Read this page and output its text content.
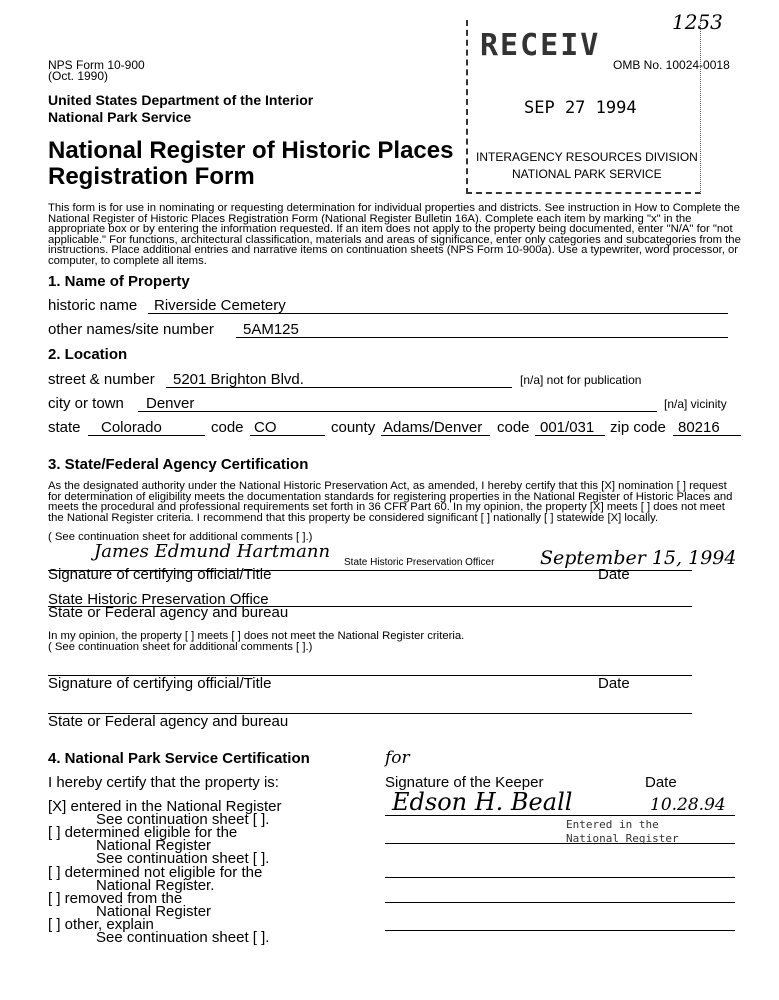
1253
NPS Form 10-900
(Oct. 1990)
OMB No. 10024-0018
United States Department of the Interior
National Park Service
National Register of Historic Places
Registration Form
RECEIV
SEP 27 1994
INTERAGENCY RESOURCES DIVISION
NATIONAL PARK SERVICE
This form is for use in nominating or requesting determination for individual properties and districts. See instruction in How to Complete the National Register of Historic Places Registration Form (National Register Bulletin 16A). Complete each item by marking "x" in the appropriate box or by entering the information requested. If an item does not apply to the property being documented, enter "N/A" for "not applicable." For functions, architectural classification, materials and areas of significance, enter only categories and subcategories from the instructions. Place additional entries and narrative items on continuation sheets (NPS Form 10-900a). Use a typewriter, word processor, or computer, to complete all items.
1. Name of Property
historic name Riverside Cemetery
other names/site number 5AM125
2. Location
street & number 5201 Brighton Blvd.	[n/a] not for publication
city or town Denver	[n/a] vicinity
state Colorado	code CO	county Adams/Denver code 001/031 zip code 80216
3. State/Federal Agency Certification
As the designated authority under the National Historic Preservation Act, as amended, I hereby certify that this [X] nomination [ ] request for determination of eligibility meets the documentation standards for registering properties in the National Register of Historic Places and meets the procedural and professional requirements set forth in 36 CFR Part 60. In my opinion, the property [X] meets [ ] does not meet the National Register criteria. I recommend that this property be considered significant [ ] nationally [ ] statewide [X] locally.
( See continuation sheet for additional comments [ ].)
James Edmund Hartmann
State Historic Preservation Officer September 15, 1994
Signature of certifying official/Title	Date
State Historic Preservation Office
State or Federal agency and bureau
In my opinion, the property [ ] meets [ ] does not meet the National Register criteria.
( See continuation sheet for additional comments [ ].)
Signature of certifying official/Title	Date
State or Federal agency and bureau
4. National Park Service Certification
I hereby certify that the property is:
for
Signature of the Keeper	Date
Edson H. Beall	10.28.94
Entered in the
National Register
[X] entered in the National Register
See continuation sheet [ ].
[ ] determined eligible for the
National Register
See continuation sheet [ ].
[ ] determined not eligible for the
National Register.
[ ] removed from the
National Register
[ ] other, explain
See continuation sheet [ ].
